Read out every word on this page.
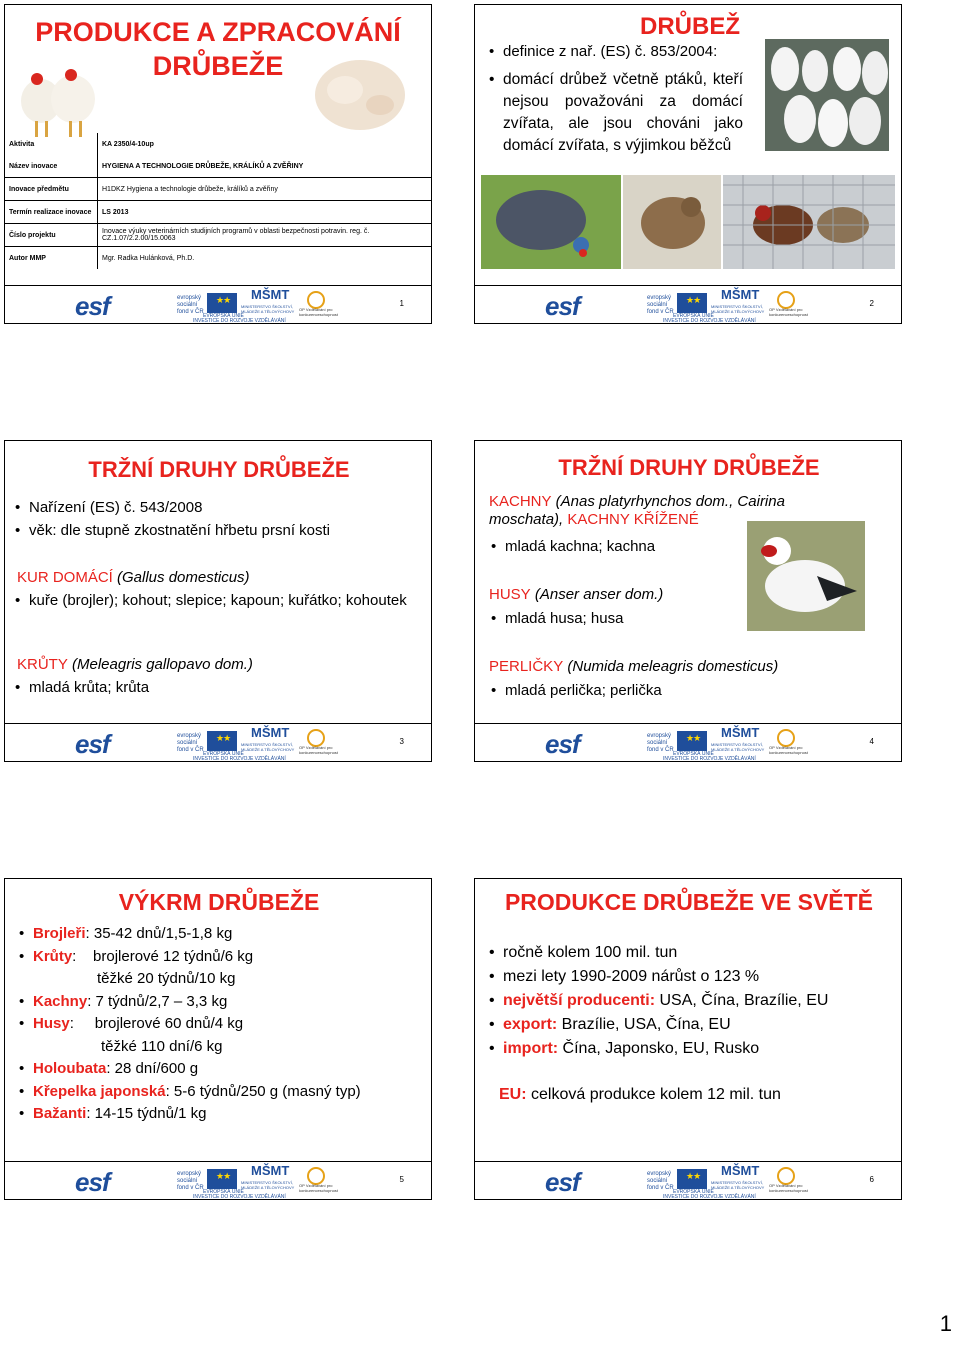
PRODUKCE A ZPRACOVÁNÍ
DRŮBEŽE
Aktivita	KA 2350/4-10up
Název inovace	HYGIENA A TECHNOLOGIE DRŮBEŽE, KRÁLÍKŮ A ZVĚŘINY
Inovace předmětu	H1DKZ Hygiena a technologie drůbeže, králíků a zvěřiny
Termín realizace inovace	LS 2013
Číslo projektu	Inovace výuky veterinárních studijních programů v oblasti bezpečnosti potravin. reg. č. CZ.1.07/2.2.00/15.0063
Autor MMP	Mgr. Radka Hulánková, Ph.D.
esf	evropský sociální fond v ČR
★★
EVROPSKÁ UNIE
MŠMT
MINISTERSTVO ŠKOLSTVÍ, MLÁDEŽE A TĚLOVÝCHOVY	OP Vzdělávání pro konkurenceschopnost
INVESTICE DO ROZVOJE VZDĚLÁVÁNÍ
1
DRŮBEŽ
• definice z nař. (ES) č. 853/2004:
• domácí drůbež včetně ptáků, kteří nejsou považováni za domácí zvířata, ale jsou chováni jako domácí zvířata, s výjimkou běžců
esf	evropský sociální fond v ČR
★★
EVROPSKÁ UNIE
MŠMT
MINISTERSTVO ŠKOLSTVÍ, MLÁDEŽE A TĚLOVÝCHOVY	OP Vzdělávání pro konkurenceschopnost
INVESTICE DO ROZVOJE VZDĚLÁVÁNÍ
2
TRŽNÍ DRUHY DRŮBEŽE
• Nařízení (ES) č. 543/2008
• věk: dle stupně zkostnatění hřbetu prsní kosti
KUR DOMÁCÍ (Gallus domesticus)
• kuře (brojler); kohout; slepice; kapoun; kuřátko; kohoutek
KRŮTY (Meleagris gallopavo dom.)
• mladá krůta; krůta
esf	evropský sociální fond v ČR
★★
EVROPSKÁ UNIE
MŠMT
MINISTERSTVO ŠKOLSTVÍ, MLÁDEŽE A TĚLOVÝCHOVY	OP Vzdělávání pro konkurenceschopnost
INVESTICE DO ROZVOJE VZDĚLÁVÁNÍ
3
TRŽNÍ DRUHY DRŮBEŽE
KACHNY (Anas platyrhynchos dom., Cairina moschata), KACHNY KŘÍŽENÉ
• mladá kachna; kachna
HUSY (Anser anser dom.)
• mladá husa; husa
PERLIČKY (Numida meleagris domesticus)
• mladá perlička; perlička
esf	evropský sociální fond v ČR
★★
EVROPSKÁ UNIE
MŠMT
MINISTERSTVO ŠKOLSTVÍ, MLÁDEŽE A TĚLOVÝCHOVY	OP Vzdělávání pro konkurenceschopnost
INVESTICE DO ROZVOJE VZDĚLÁVÁNÍ
4
VÝKRM DRŮBEŽE
• Brojleři: 35-42 dnů/1,5-1,8 kg
• Krůty:    brojlerové 12 týdnů/6 kg
těžké 20 týdnů/10 kg
• Kachny: 7 týdnů/2,7 – 3,3 kg
• Husy:     brojlerové 60 dnů/4 kg
těžké 110 dní/6 kg
• Holoubata: 28 dní/600 g
• Křepelka japonská: 5-6 týdnů/250 g (masný typ)
• Bažanti: 14-15 týdnů/1 kg
esf	evropský sociální fond v ČR
★★
EVROPSKÁ UNIE
MŠMT
MINISTERSTVO ŠKOLSTVÍ, MLÁDEŽE A TĚLOVÝCHOVY	OP Vzdělávání pro konkurenceschopnost
INVESTICE DO ROZVOJE VZDĚLÁVÁNÍ
5
PRODUKCE DRŮBEŽE VE SVĚTĚ
• ročně kolem 100 mil. tun
• mezi lety 1990-2009 nárůst o 123 %
• největší producenti: USA, Čína, Brazílie, EU
• export: Brazílie, USA, Čína, EU
• import: Čína, Japonsko, EU, Rusko
EU: celková produkce kolem 12 mil. tun
esf	evropský sociální fond v ČR
★★
EVROPSKÁ UNIE
MŠMT
MINISTERSTVO ŠKOLSTVÍ, MLÁDEŽE A TĚLOVÝCHOVY	OP Vzdělávání pro konkurenceschopnost
INVESTICE DO ROZVOJE VZDĚLÁVÁNÍ
6
1
